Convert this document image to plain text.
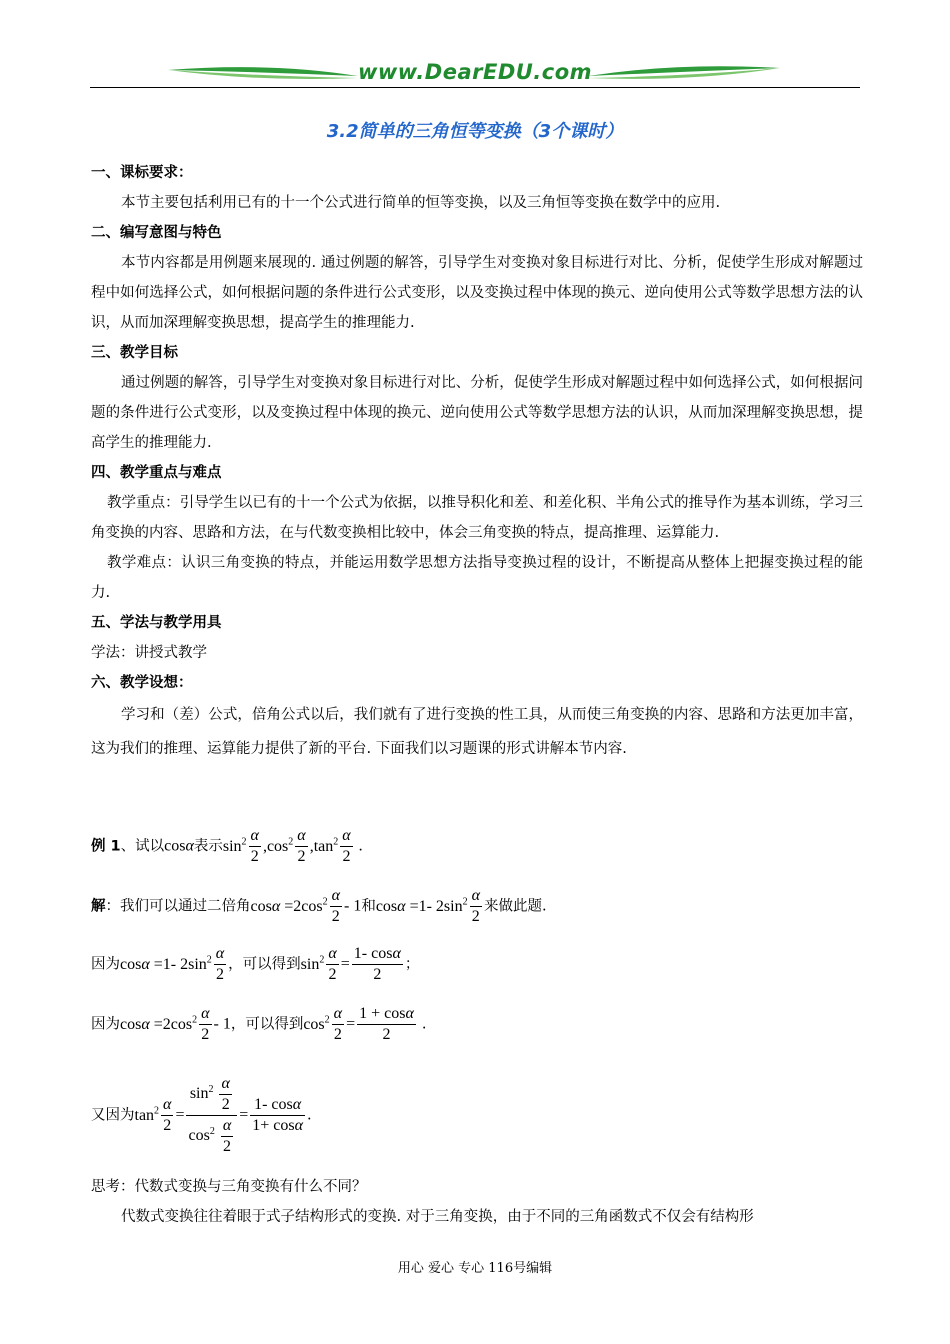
www.DearEDU.com
3.2简单的三角恒等变换（3个课时）

一、课标要求：

本节主要包括利用已有的十一个公式进行简单的恒等变换，以及三角恒等变换在数学中的应用.

二、编写意图与特色

本节内容都是用例题来展现的. 通过例题的解答，引导学生对变换对象目标进行对比、分析，促使学生形成对解题过程中如何选择公式，如何根据问题的条件进行公式变形，以及变换过程中体现的换元、逆向使用公式等数学思想方法的认识，从而加深理解变换思想，提高学生的推理能力.

三、教学目标

通过例题的解答，引导学生对变换对象目标进行对比、分析，促使学生形成对解题过程中如何选择公式，如何根据问题的条件进行公式变形，以及变换过程中体现的换元、逆向使用公式等数学思想方法的认识，从而加深理解变换思想，提高学生的推理能力.

四、教学重点与难点

教学重点：引导学生以已有的十一个公式为依据，以推导积化和差、和差化积、半角公式的推导作为基本训练，学习三角变换的内容、思路和方法，在与代数变换相比较中，体会三角变换的特点，提高推理、运算能力.

教学难点：认识三角变换的特点，并能运用数学思想方法指导变换过程的设计，不断提高从整体上把握变换过程的能力.

五、学法与教学用具

学法：讲授式教学

六、教学设想：

学习和（差）公式，倍角公式以后，我们就有了进行变换的性工具，从而使三角变换的内容、思路和方法更加丰富，这为我们的推理、运算能力提供了新的平台. 下面我们以习题课的形式讲解本节内容.

例 1、试以cosα表示$\sin^2 \frac{\alpha}{2} ,\cos^2 \frac{\alpha}{2} ,\tan^2 \frac{\alpha}{2}$ .
解：我们可以通过二倍角$\cos\alpha =2\cos^2 \frac{\alpha}{2} - 1$和cosα =1- $2\sin^2 \frac{\alpha}{2}$ 来做此题.
因为cosα =1- $2\sin^2 \frac{\alpha}{2}$ ，可以得到$\sin^2 \frac{\alpha}{2} = \frac{1- \cos\alpha}{2}$ ；
因为$\cos\alpha =2\cos^2 \frac{\alpha}{2} - 1$，可以得到$\cos^2 \frac{\alpha}{2} = \frac{1 + \cos\alpha}{2}$ .
又因为$\tan^2 \frac{\alpha}{2} = \frac{\sin^2 \frac{\alpha}{2}}{\cos^2 \frac{\alpha}{2}} = \frac{1- \cos\alpha}{1+ \cos\alpha}$ .
思考：代数式变换与三角变换有什么不同？
代数式变换往往着眼于式子结构形式的变换. 对于三角变换，由于不同的三角函数式不仅会有结构形
用心 爱心 专心 116号编辑
